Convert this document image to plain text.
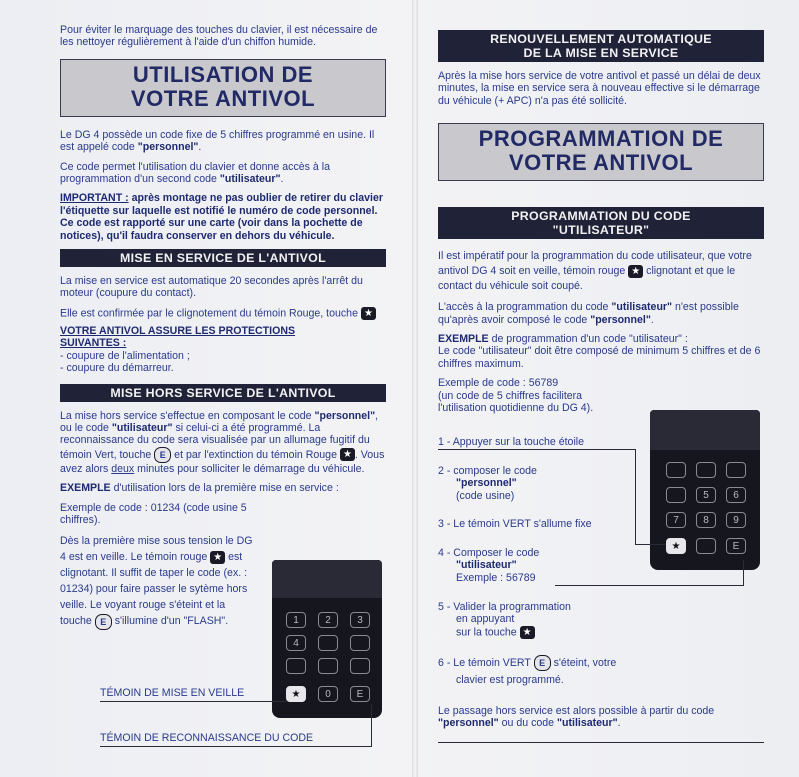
Pour éviter le marquage des touches du clavier, il est nécessaire de les nettoyer régulièrement à l'aide d'un chiffon humide.

UTILISATION DE
VOTRE ANTIVOL

Le DG 4 possède un code fixe de 5 chiffres programmé en usine. Il est appelé code "personnel".

Ce code permet l'utilisation du clavier et donne accès à la programmation d'un second code "utilisateur".

IMPORTANT : après montage ne pas oublier de retirer du clavier l'étiquette sur laquelle est notifié le numéro de code personnel. Ce code est rapporté sur une carte (voir dans la pochette de notices), qu'il faudra conserver en dehors du véhicule.

MISE EN SERVICE DE L'ANTIVOL

La mise en service est automatique 20 secondes après l'arrêt du moteur (coupure du contact).

Elle est confirmée par le clignotement du témoin Rouge, touche ★

VOTRE ANTIVOL ASSURE LES PROTECTIONS
SUIVANTES :
- coupure de l'alimentation ;
- coupure du démarreur.
MISE HORS SERVICE DE L'ANTIVOL

La mise hors service s'effectue en composant le code "personnel", ou le code "utilisateur" si celui-ci a été programmé. La reconnaissance du code sera visualisée par un allumage fugitif du témoin Vert, touche E et par l'extinction du témoin Rouge ★ . Vous avez alors deux minutes pour solliciter le démarrage du véhicule.

EXEMPLE d'utilisation lors de la première mise en service :

Exemple de code : 01234 (code usine 5 chiffres).

Dès la première mise sous tension le DG 4 est en veille. Le témoin rouge ★ est clignotant. Il suffit de taper le code (ex. : 01234) pour faire passer le sytème hors veille. Le voyant rouge s'éteint et la touche E s'illumine d'un "FLASH".	1	2	3
4
★	0	E
TÉMOIN DE MISE EN VEILLE
TÉMOIN DE RECONNAISSANCE DU CODE
RENOUVELLEMENT AUTOMATIQUE
DE LA MISE EN SERVICE

Après la mise hors service de votre antivol et passé un délai de deux minutes, la mise en service sera à nouveau effective si le démarrage du véhicule (+ APC) n'a pas été sollicité.

PROGRAMMATION DE
VOTRE ANTIVOL
PROGRAMMATION DU CODE
"UTILISATEUR"

Il est impératif pour la programmation du code utilisateur, que votre antivol DG 4 soit en veille, témoin rouge ★ clignotant et que le contact du véhicule soit coupé.

L'accès à la programmation du code "utilisateur" n'est possible qu'après avoir composé le code "personnel".

EXEMPLE de programmation d'un code "utilisateur" :

Le code "utilisateur" doit être composé de minimum 5 chiffres et de 6 chiffres maximum.

Exemple de code : 56789
(un code de 5 chiffres facilitera
l'utilisation quotidienne du DG 4).
1 - Appuyer sur la touche étoile
2 - composer le code
"personnel"
(code usine)
3 - Le témoin VERT s'allume fixe
4 - Composer le code
"utilisateur"
Exemple : 56789
5 - Valider la programmation
en appuyant
sur la touche ★
6 - Le témoin VERT E s'éteint, votre
clavier est programmé.
Le passage hors service est alors possible à partir du code "personnel" ou du code "utilisateur".
5	6
7	8	9
★	E
